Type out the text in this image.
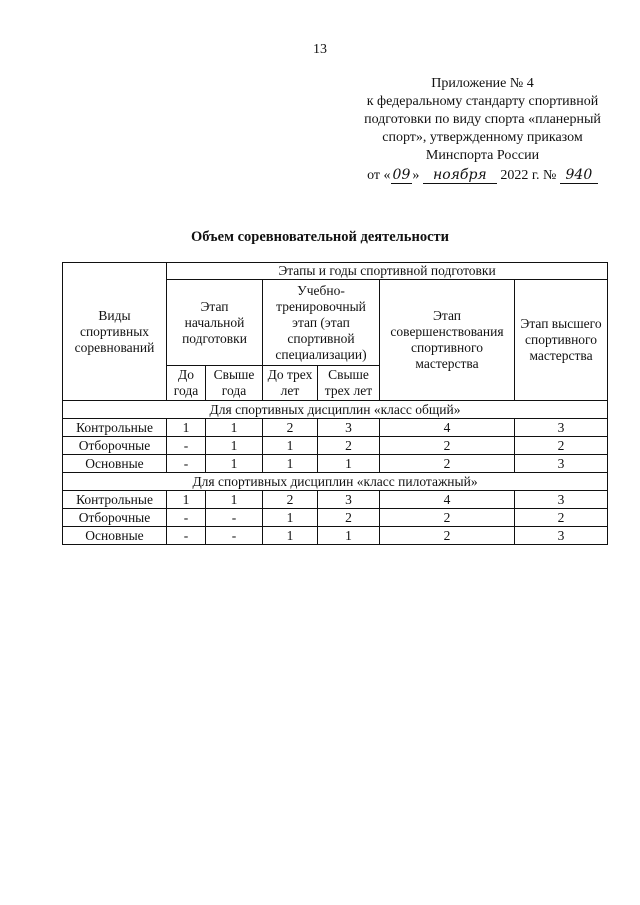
13
Приложение № 4
к федеральному стандарту спортивной
подготовки по виду спорта «планерный
спорт», утвержденному приказом
Минспорта России
от « 09 » ноября 2022 г. № 940
Объем соревновательной деятельности
Виды спортивных соревнований	Этапы и годы спортивной подготовки					
	Этап начальной подготовки		Учебно-тренировочный этап (этап спортивной специализации)		Этап совершенствования спортивного мастерства	Этап высшего спортивного мастерства
	До года	Свыше года	До трех лет	Свыше трех лет		
Для спортивных дисциплин «класс общий»						
Контрольные	1	1	2	3	4	3
Отборочные	-	1	1	2	2	2
Основные	-	1	1	1	2	3
Для спортивных дисциплин «класс пилотажный»						
Контрольные	1	1	2	3	4	3
Отборочные	-	-	1	2	2	2
Основные	-	-	1	1	2	3
